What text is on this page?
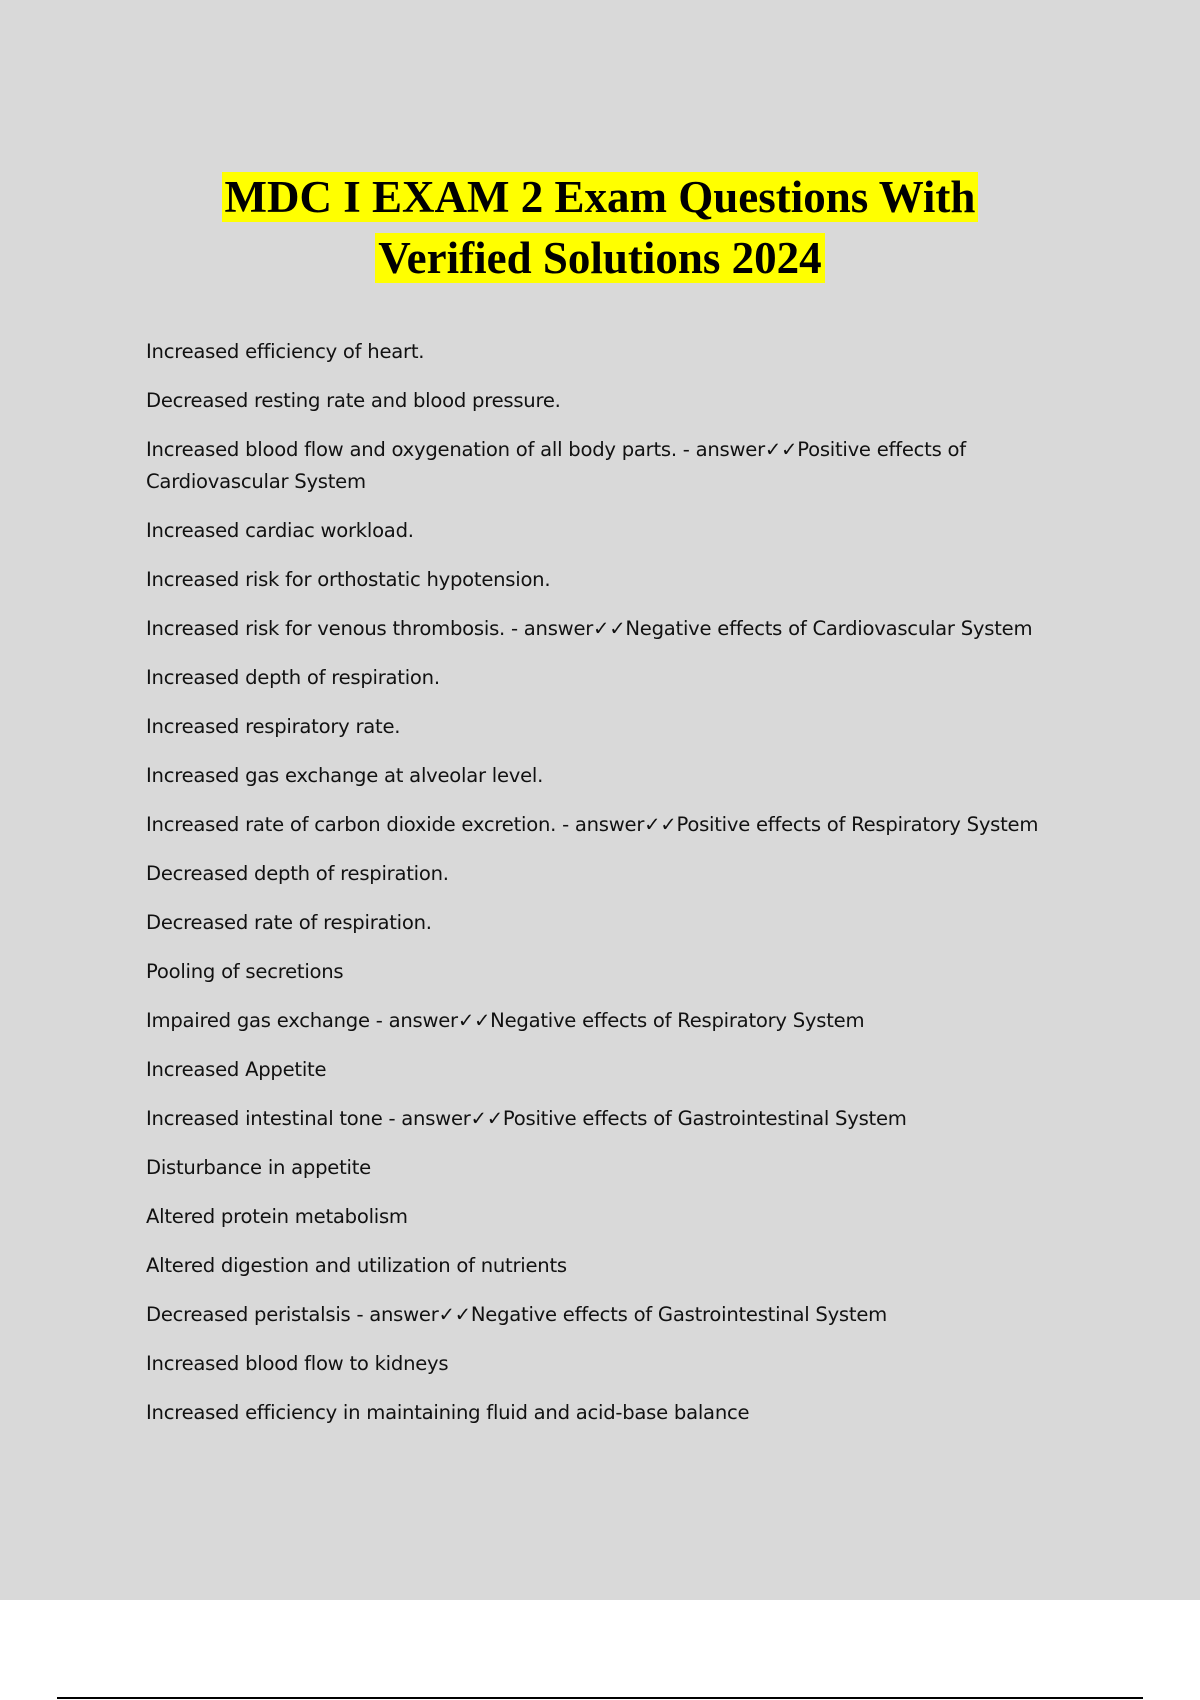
MDC I EXAM 2 Exam Questions With
Verified Solutions 2024
Increased efficiency of heart.
Decreased resting rate and blood pressure.
Increased blood flow and oxygenation of all body parts. - answer✓✓Positive effects of Cardiovascular System
Increased cardiac workload.
Increased risk for orthostatic hypotension.
Increased risk for venous thrombosis. - answer✓✓Negative effects of Cardiovascular System
Increased depth of respiration.
Increased respiratory rate.
Increased gas exchange at alveolar level.
Increased rate of carbon dioxide excretion. - answer✓✓Positive effects of Respiratory System
Decreased depth of respiration.
Decreased rate of respiration.
Pooling of secretions
Impaired gas exchange - answer✓✓Negative effects of Respiratory System
Increased Appetite
Increased intestinal tone - answer✓✓Positive effects of Gastrointestinal System
Disturbance in appetite
Altered protein metabolism
Altered digestion and utilization of nutrients
Decreased peristalsis - answer✓✓Negative effects of Gastrointestinal System
Increased blood flow to kidneys
Increased efficiency in maintaining fluid and acid-base balance
